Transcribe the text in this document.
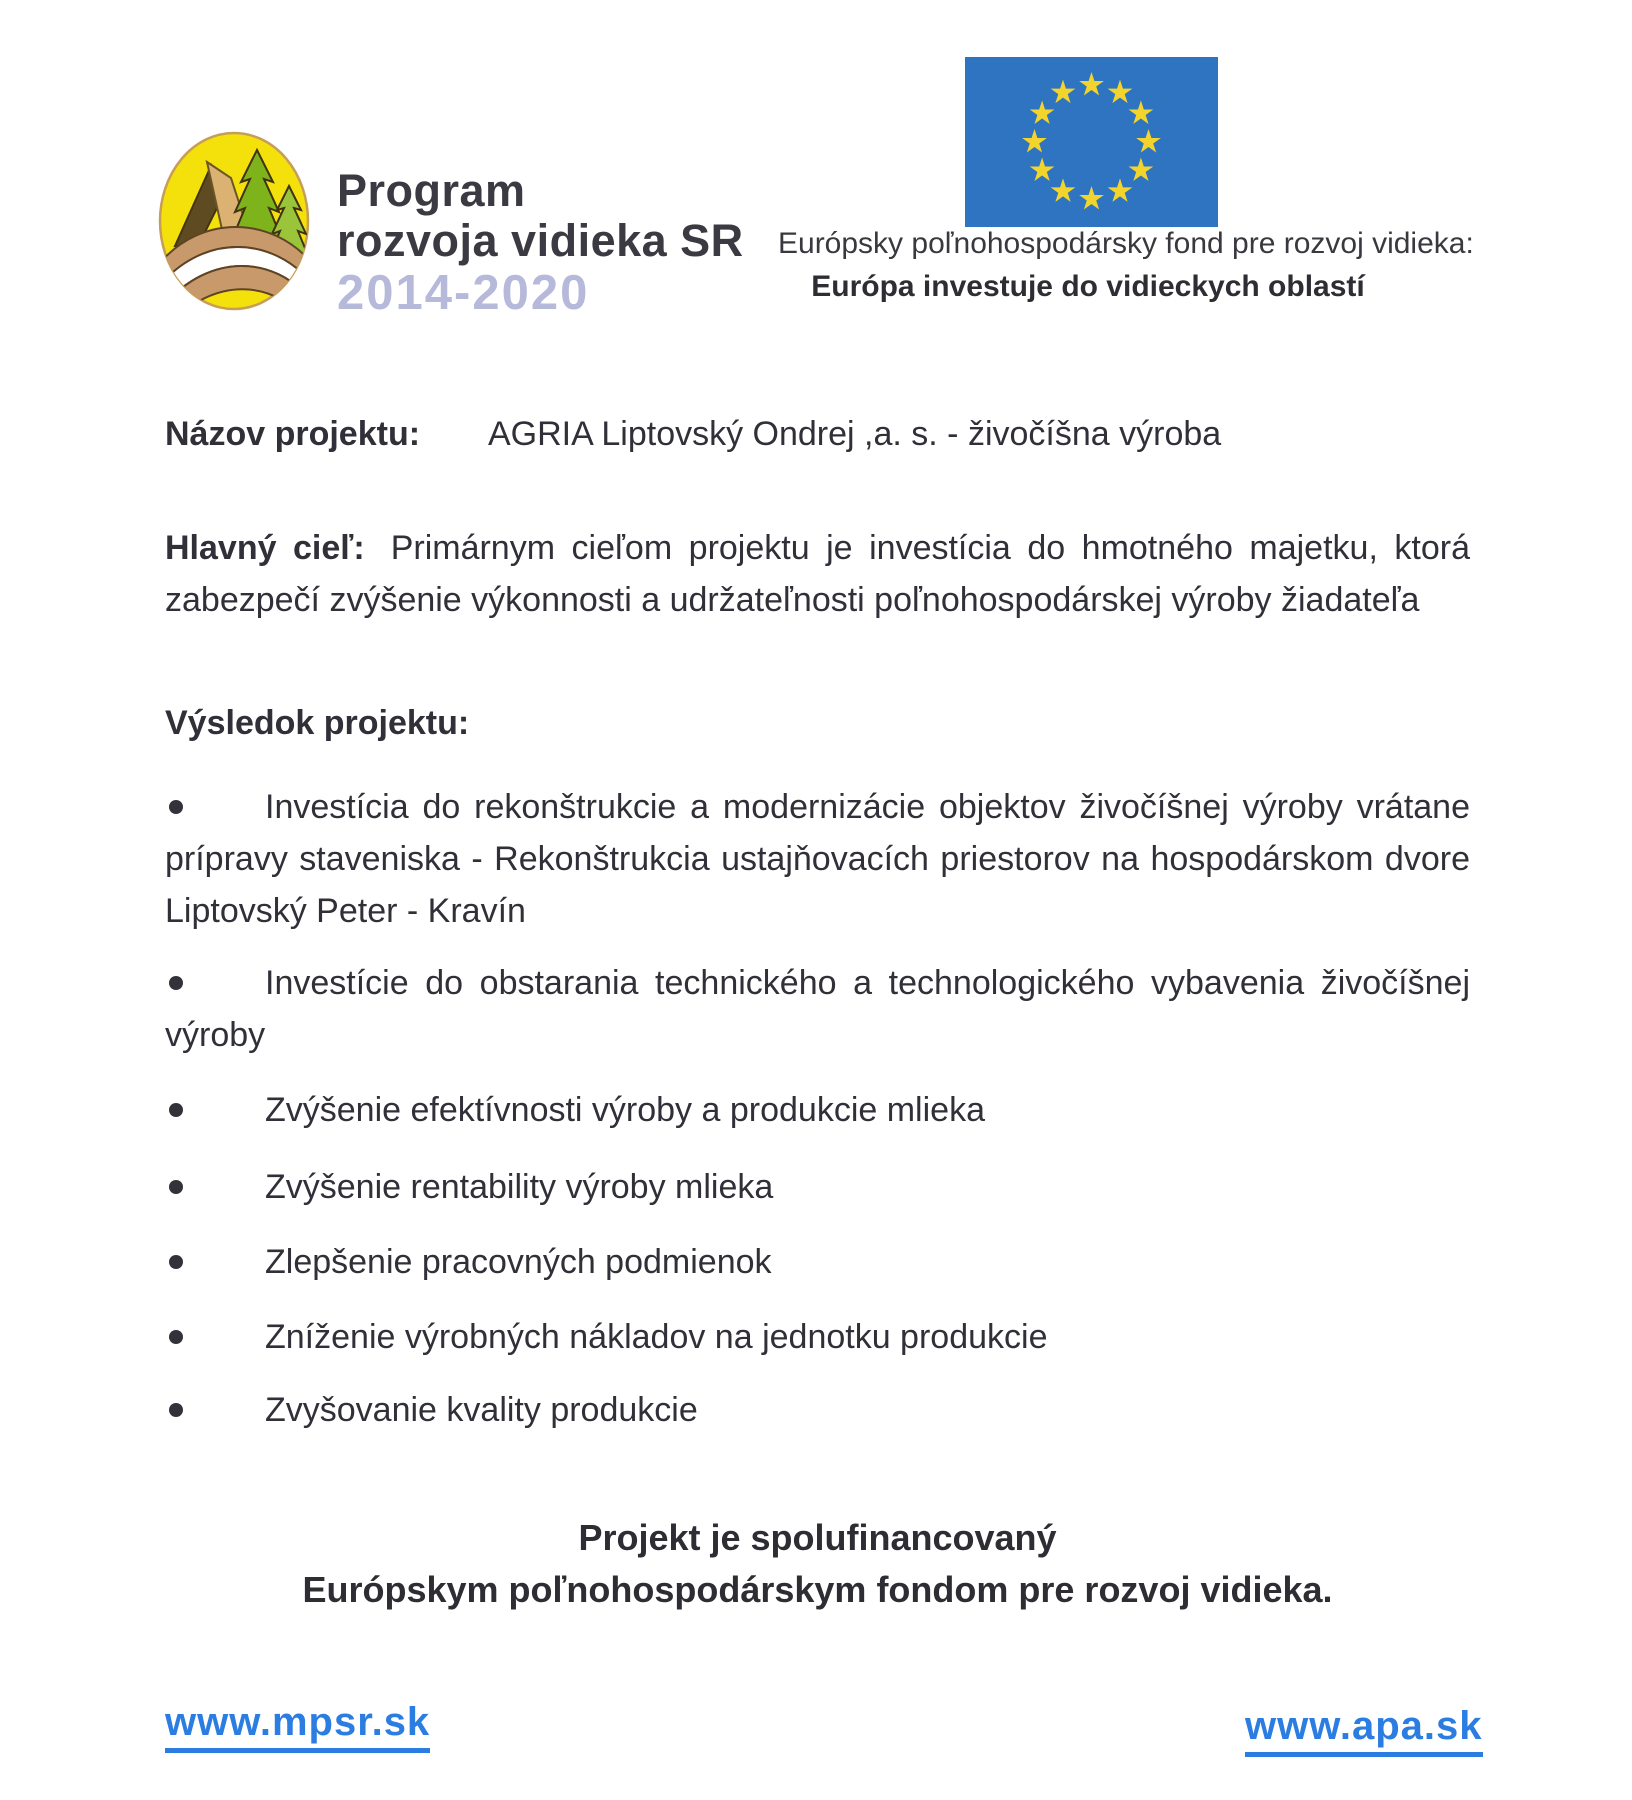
Program
rozvoja vidieka SR
2014-2020
Európsky poľnohospodársky fond pre rozvoj vidieka:
Európa investuje do vidieckych oblastí
Názov projektu: AGRIA Liptovský Ondrej ,a. s. - živočíšna výroba
Hlavný cieľ: Primárnym cieľom projektu je investícia do hmotného majetku, ktorá zabezpečí zvýšenie výkonnosti a udržateľnosti poľnohospodárskej výroby žiadateľa
Výsledok projektu:
Investícia do rekonštrukcie a modernizácie objektov živočíšnej výroby vrátane prípravy staveniska - Rekonštrukcia ustajňovacích priestorov na hospodárskom dvore Liptovský Peter - Kravín
Investície do obstarania technického a technologického vybavenia živočíšnej výroby
Zvýšenie efektívnosti výroby a produkcie mlieka
Zvýšenie rentability výroby mlieka
Zlepšenie pracovných podmienok
Zníženie výrobných nákladov na jednotku produkcie
Zvyšovanie kvality produkcie
Projekt je spolufinancovaný
Európskym poľnohospodárskym fondom pre rozvoj vidieka.
www.mpsr.sk	www.apa.sk
